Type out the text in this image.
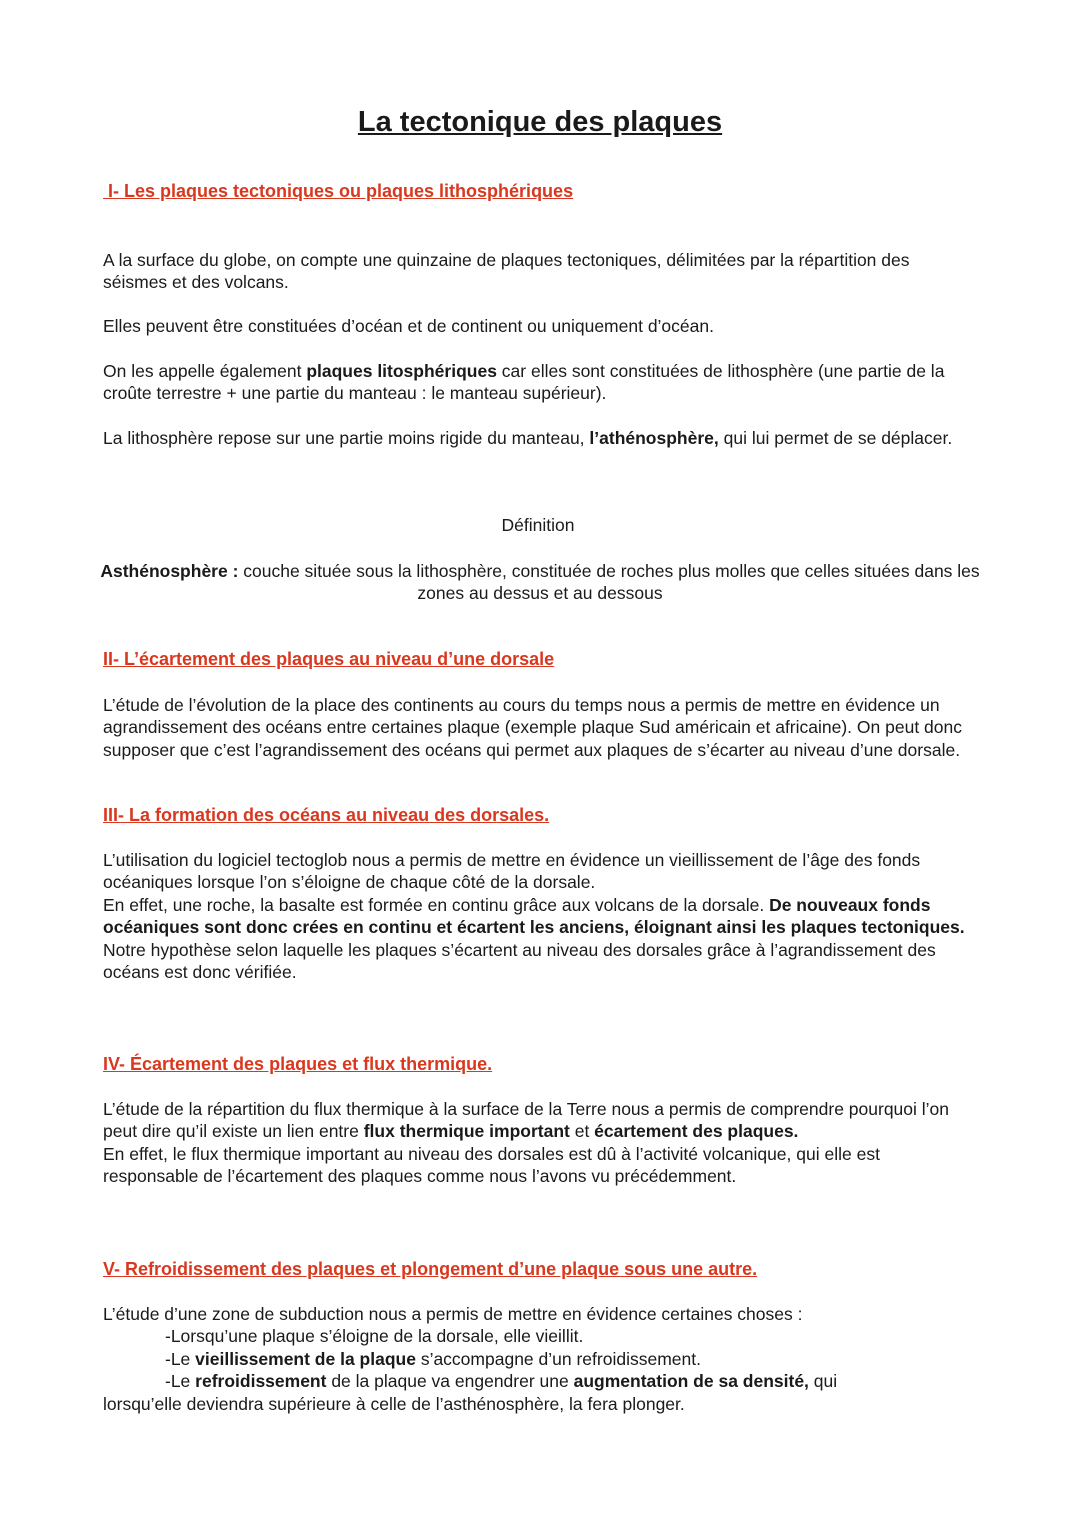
La tectonique des plaques
I- Les plaques tectoniques ou plaques lithosphériques

A la surface du globe, on compte une quinzaine de plaques tectoniques, délimitées par la répartition des séismes et des volcans.

Elles peuvent être constituées d’océan et de continent ou uniquement d’océan.

On les appelle également plaques litosphériques car elles sont constituées de lithosphère (une partie de la croûte terrestre + une partie du manteau : le manteau supérieur).

La lithosphère repose sur une partie moins rigide du manteau, l’athénosphère, qui lui permet de se déplacer.

Définition

Asthénosphère : couche située sous la lithosphère, constituée de roches plus molles que celles situées dans les zones au dessus et au dessous

II- L’écartement des plaques au niveau d’une dorsale

L’étude de l’évolution de la place des continents au cours du temps nous a permis de mettre en évidence un agrandissement des océans entre certaines plaque (exemple plaque Sud américain et africaine). On peut donc supposer que c’est l’agrandissement des océans qui permet aux plaques de s’écarter au niveau d’une dorsale.

III- La formation des océans au niveau des dorsales.
L’utilisation du logiciel tectoglob nous a permis de mettre en évidence un vieillissement de l’âge des fonds océaniques lorsque l’on s’éloigne de chaque côté de la dorsale.
En effet, une roche, la basalte est formée en continu grâce aux volcans de la dorsale. De nouveaux fonds océaniques sont donc crées en continu et écartent les anciens, éloignant ainsi les plaques tectoniques.
Notre hypothèse selon laquelle les plaques s’écartent au niveau des dorsales grâce à l’agrandissement des océans est donc vérifiée.
IV- Écartement des plaques et flux thermique.
L’étude de la répartition du flux thermique à la surface de la Terre nous a permis de comprendre pourquoi l’on peut dire qu’il existe un lien entre flux thermique important et écartement des plaques.
En effet, le flux thermique important au niveau des dorsales est dû à l’activité volcanique, qui elle est responsable de l’écartement des plaques comme nous l’avons vu précédemment.
V- Refroidissement des plaques et plongement d’une plaque sous une autre.
L’étude d’une zone de subduction nous a permis de mettre en évidence certaines choses :
-Lorsqu’une plaque s’éloigne de la dorsale, elle vieillit.
-Le vieillissement de la plaque s’accompagne d’un refroidissement.
-Le refroidissement de la plaque va engendrer une augmentation de sa densité, qui
lorsqu’elle deviendra supérieure à celle de l’asthénosphère, la fera plonger.
